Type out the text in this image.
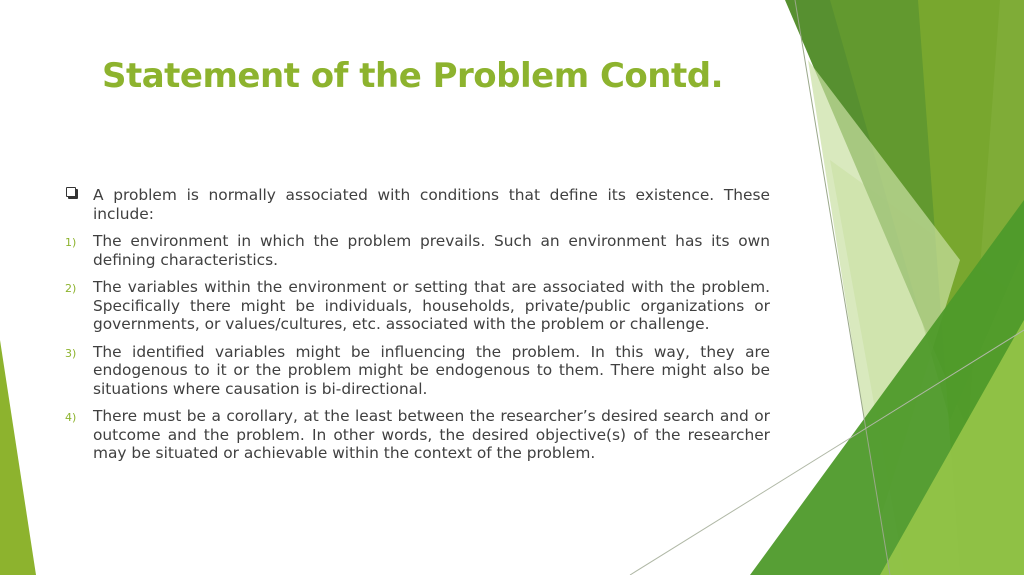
Statement of the Problem Contd.
A problem is normally associated with conditions that define its existence. These include:
1) The environment in which the problem prevails. Such an environment has its own defining characteristics.
2) The variables within the environment or setting that are associated with the problem. Specifically there might be individuals, households, private/public organizations or governments, or values/cultures, etc. associated with the problem or challenge.
3) The identified variables might be influencing the problem. In this way, they are endogenous to it or the problem might be endogenous to them. There might also be situations where causation is bi-directional.
4) There must be a corollary, at the least between the researcher’s desired search and or outcome and the problem. In other words, the desired objective(s) of the researcher may be situated or achievable within the context of the problem.
